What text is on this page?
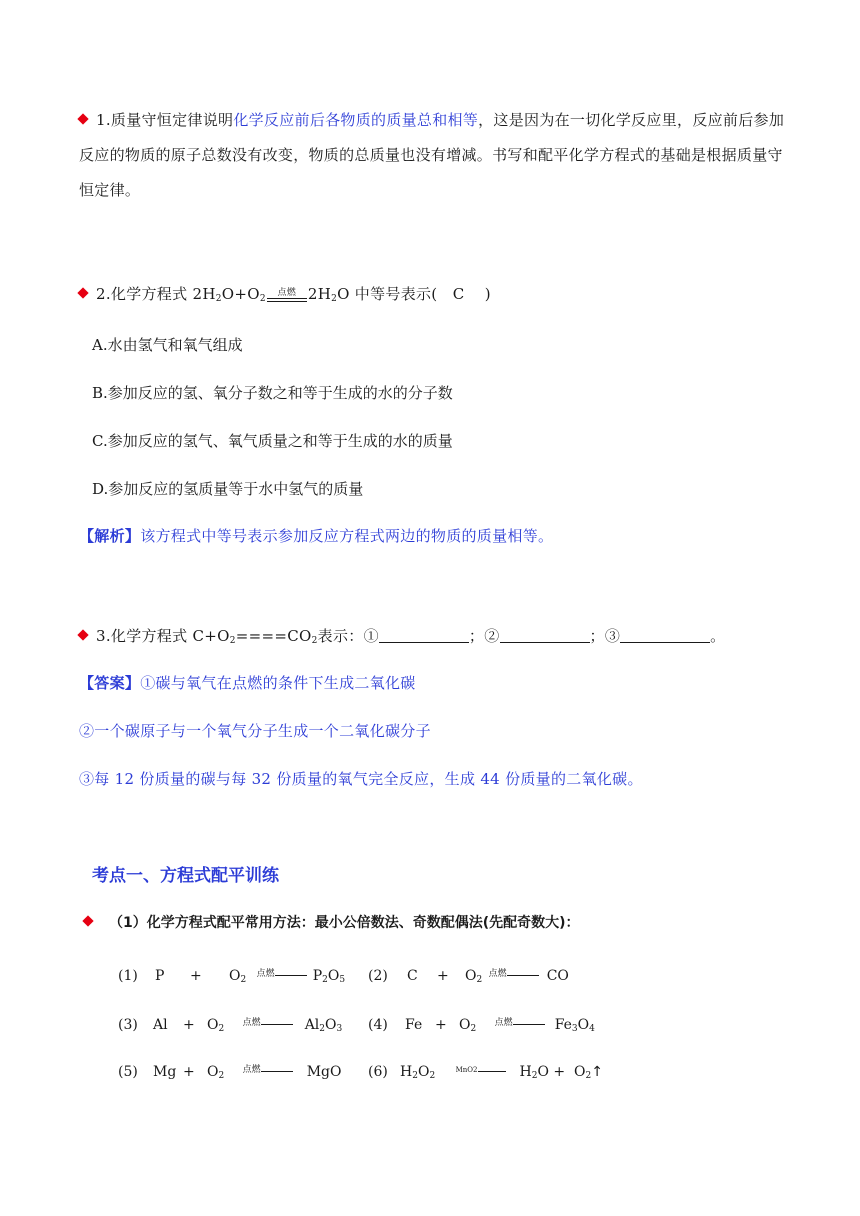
1.质量守恒定律说明化学反应前后各物质的质量总和相等，这是因为在一切化学反应里，反应前后参加
反应的物质的原子总数没有改变，物质的总质量也没有增减。书写和配平化学方程式的基础是根据质量守
恒定律。
2.化学方程式 $2H_2O+O_2$
点燃 $2H_2O$ 中等号表示( C )
A.水由氢气和氧气组成
B.参加反应的氢、氧分子数之和等于生成的水的分子数
C.参加反应的氢气、氧气质量之和等于生成的水的质量
D.参加反应的氢质量等于水中氢气的质量
【解析】该方程式中等号表示参加反应方程式两边的物质的质量相等。
3.化学方程式 $C+O_2====CO_2$表示：①	；②	；③	。
【答案】①碳与氧气在点燃的条件下生成二氧化碳
②一个碳原子与一个氧气分子生成一个二氧化碳分子
③每 12 份质量的碳与每 32 份质量的氧气完全反应，生成 44 份质量的二氧化碳。
考点一、方程式配平训练
（1）化学方程式配平常用方法：最小公倍数法、奇数配偶法(先配奇数大)：
(1) P + O2 点燃	P2O5 (2) C + O2 点燃	CO
(3) Al + O2 点燃	Al2O3 (4) Fe + O2 点燃	Fe3O4
(5) Mg + O2 点燃	MgO (6) H2O2 MnO2	H2O + O2↑
